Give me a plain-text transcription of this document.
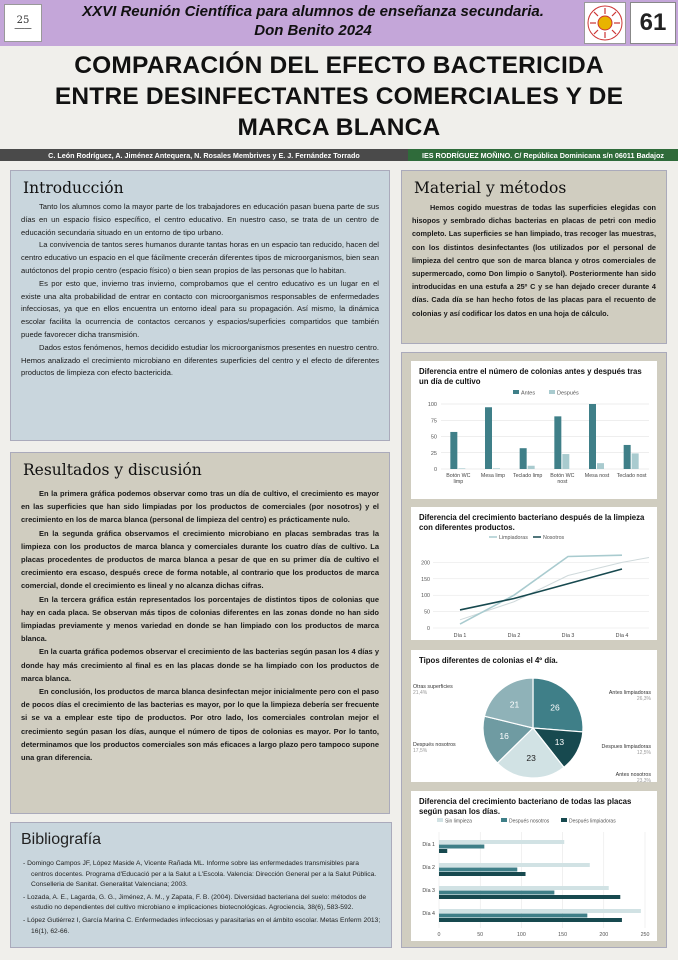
25
━━━━━━━
XXVI Reunión Científica para alumnos de enseñanza secundaria.
Don Benito 2024	61
COMPARACIÓN DEL EFECTO BACTERICIDA
ENTRE DESINFECTANTES COMERCIALES Y DE
MARCA BLANCA
C. León Rodríguez, A. Jiménez Antequera, N. Rosales Membrives y E. J. Fernández Torrado	IES RODRÍGUEZ MOÑINO. C/ República Dominicana s/n 06011 Badajoz
Introducción

Tanto los alumnos como la mayor parte de los trabajadores en educación pasan buena parte de sus días en un espacio físico específico, el centro educativo. En nuestro caso, se trata de un centro de educación secundaria situado en un entorno de tipo urbano.

La convivencia de tantos seres humanos durante tantas horas en un espacio tan reducido, hacen del centro educativo un espacio en el que fácilmente crecerán diferentes tipos de microorganismos, bien sean autóctonos del propio centro (espacio físico) o bien sean propios de las personas que lo habitan.

Es por esto que, invierno tras invierno, comprobamos que el centro educativo es un lugar en el existe una alta probabilidad de entrar en contacto con microorganismos responsables de enfermedades infecciosas, ya que en ellos encuentra un entorno ideal para su propagación. Así mismo, la dinámica escolar facilita la ocurrencia de contactos cercanos y espacios/superficies compartidos que también puede favorecer dicha transmisión.

Dados estos fenómenos, hemos decidido estudiar los microorganismos presentes en nuestro centro. Hemos analizado el crecimiento microbiano en diferentes superficies del centro y el efecto de diferentes productos de limpieza con efecto bactericida.

Material y métodos

Hemos cogido muestras de todas las superficies elegidas con hisopos y sembrado dichas bacterias en placas de petri con medio completo. Las superficies se han limpiado, tras recoger las muestras, con los distintos desinfectantes (los utilizados por el personal de limpieza del centro que son de marca blanca y otros comerciales de supermercado, como Don limpio o Sanytol). Posteriormente han sido introducidas en una estufa a 25º C y se han dejado crecer durante 4 días. Cada día se han hecho fotos de las placas para el recuento de colonias y así codificar los datos en una hoja de cálculo.

Resultados y discusión

En la primera gráfica podemos observar como tras un día de cultivo, el crecimiento es mayor en las superficies que han sido limpiadas por los productos de comerciales (por nosotros) y el crecimiento en los de marca blanca (personal de limpieza del centro) es prácticamente nulo.

En la segunda gráfica observamos el crecimiento microbiano en placas sembradas tras la limpieza con los productos de marca blanca y comerciales durante los cuatro días de cultivo. La placas procedentes de productos de marca blanca a pesar de que en su primer día de cultivo el crecimiento era escaso, después crece de forma notable, al contrario que los productos de marca comercial, donde el crecimiento es lineal y no alcanza dichas cifras.

En la tercera gráfica están representados los porcentajes de distintos tipos de colonias que hay en cada placa. Se observan más tipos de colonias diferentes en las zonas donde no han sido limpiadas previamente y menos variedad en donde se han limpiado con los productos de marca blanca.

En la cuarta gráfica podemos observar el crecimiento de las bacterias según pasan los 4 días y donde hay más crecimiento al final es en las placas donde se ha limpiado con los productos de marca blanca.

En conclusión, los productos de marca blanca desinfectan mejor inicialmente pero con el paso de pocos días el crecimiento de las bacterias es mayor, por lo que la limpieza debería ser frecuente si se va a emplear este tipo de productos. Por otro lado, los comerciales controlan mejor el crecimiento según pasan los días, aunque el número de tipos de colonias es mayor. Por lo tanto, determinamos que los productos comerciales son más eficaces a largo plazo pero tampoco supone una gran diferencia.

Bibliografía
- Domingo Campos JF, López Maside A, Vicente Rañada ML. Informe sobre las enfermedades transmisibles para centros docentes. Programa d'Educació per a la Salut a L'Escola. Valencia: Dirección General per a la Salut Pública. Conselleria de Sanitat. Generalitat Valenciana; 2003.
- Lozada, A. E., Lagarda, G. G., Jiménez, A. M., y Zapata, F. B. (2004). Diversidad bacteriana del suelo: métodos de estudio no dependientes del cultivo microbiano e implicaciones biotecnológicas. Agrociencia, 38(6), 583-592.
- López Gutiérrez I, García Marina C. Enfermedades infecciosas y parasitarias en el ámbito escolar. Metas Enferm 2013; 16(1), 62-66.
Diferencia entre el número de colonias antes y después tras un día de cultivo
Antes	Después
0
25
50
75
100
Botón WC
limp
Mesa limp Teclado limp Botón WC
nost
Mesa nost Teclado nost
Diferencia del crecimiento bacteriano después de la limpieza con diferentes productos.
Limpiadoras	Nosotros
0
50
100
150
200
Día 1	Día 2	Día 3	Día 4
Tipos diferentes de colonias el 4º día.
26
Antes limpiadoras
26,3%
13	Despues limpiadoras
12,5%
23
Antes nosotros
23,3%
16
Después nosotros
17,5%
21
Otras superficies
21,4%
Diferencia del crecimiento bacteriano de todas las placas según pasan los días.
Sin limpieza	Después nosotros	Después limpiadoras
0	50	100	150	200	250
Día 1
Día 2
Día 3
Día 4
